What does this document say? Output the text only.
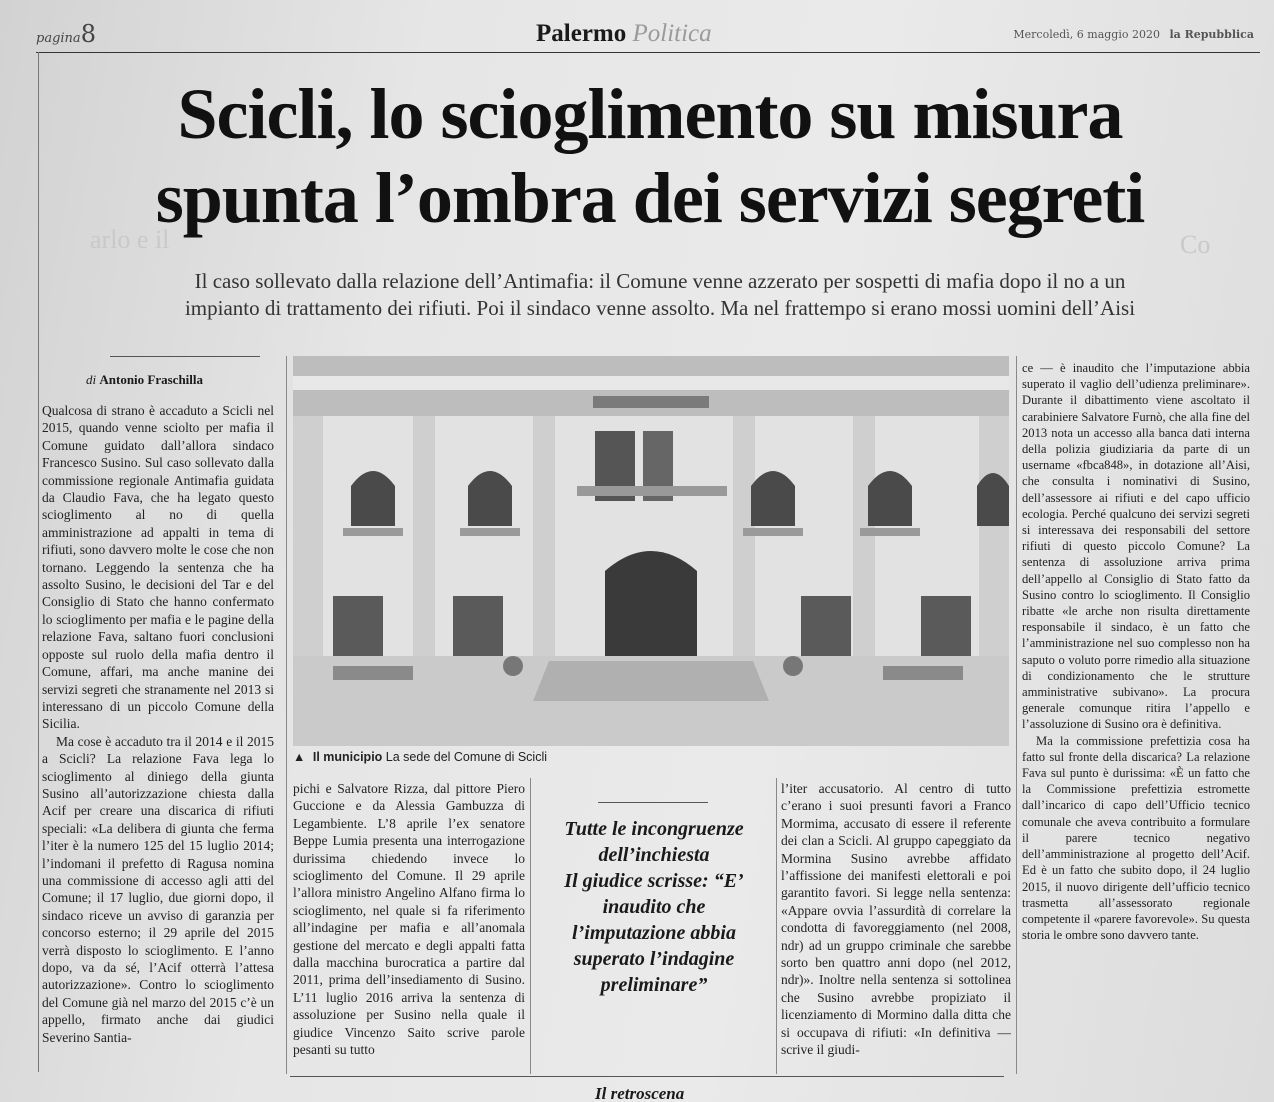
pagina8	Palermo Politica	Mercoledì, 6 maggio 2020 la Repubblica
Co
arlo e il
Scicli, lo scioglimento su misura
spunta l’ombra dei servizi segreti

Il caso sollevato dalla relazione dell’Antimafia: il Comune venne azzerato per sospetti di mafia dopo il no a un
impianto di trattamento dei rifiuti. Poi il sindaco venne assolto. Ma nel frattempo si erano mossi uomini dell’Aisi

di Antonio Fraschilla

Qualcosa di strano è accaduto a Scicli nel 2015, quando venne sciolto per mafia il Comune guidato dall’allora sindaco Francesco Susino. Sul caso sollevato dalla commissione regionale Antimafia guidata da Claudio Fava, che ha legato questo scioglimento al no di quella amministrazione ad appalti in tema di rifiuti, sono davvero molte le cose che non tornano. Leggendo la sentenza che ha assolto Susino, le decisioni del Tar e del Consiglio di Stato che hanno confermato lo scioglimento per mafia e le pagine della relazione Fava, saltano fuori conclusioni opposte sul ruolo della mafia dentro il Comune, affari, ma anche manine dei servizi segreti che stranamente nel 2013 si interessano di un piccolo Comune della Sicilia.

Ma cose è accaduto tra il 2014 e il 2015 a Scicli? La relazione Fava lega lo scioglimento al diniego della giunta Susino all’autorizzazione chiesta dalla Acif per creare una discarica di rifiuti speciali: «La delibera di giunta che ferma l’iter è la numero 125 del 15 luglio 2014; l’indomani il prefetto di Ragusa nomina una commissione di accesso agli atti del Comune; il 17 luglio, due giorni dopo, il sindaco riceve un avviso di garanzia per concorso esterno; il 29 aprile del 2015 verrà disposto lo scioglimento. E l’anno dopo, va da sé, l’Acif otterrà l’attesa autorizzazione». Contro lo scioglimento del Comune già nel marzo del 2015 c’è un appello, firmato anche dai giudici Severino Santia-

▲ Il municipio La sede del Comune di Scicli

pichi e Salvatore Rizza, dal pittore Piero Guccione e da Alessia Gambuzza di Legambiente. L’8 aprile l’ex senatore Beppe Lumia presenta una interrogazione durissima chiedendo invece lo scioglimento del Comune. Il 29 aprile l’allora ministro Angelino Alfano firma lo scioglimento, nel quale si fa riferimento all’indagine per mafia e all’anomala gestione del mercato e degli appalti fatta dalla macchina burocratica a partire dal 2011, prima dell’insediamento di Susino. L’11 luglio 2016 arriva la sentenza di assoluzione per Susino nella quale il giudice Vincenzo Saito scrive parole pesanti su tutto

Tutte le incongruenze
dell’inchiesta
Il giudice scrisse: “E’
inaudito che
l’imputazione abbia
superato l’indagine
preliminare”

l’iter accusatorio. Al centro di tutto c’erano i suoi presunti favori a Franco Mormima, accusato di essere il referente dei clan a Scicli. Al gruppo capeggiato da Mormina Susino avrebbe affidato l’affissione dei manifesti elettorali e poi garantito favori. Si legge nella sentenza: «Appare ovvia l’assurdità di correlare la condotta di favoreggiamento (nel 2008, ndr) ad un gruppo criminale che sarebbe sorto ben quattro anni dopo (nel 2012, ndr)». Inoltre nella sentenza si sottolinea che Susino avrebbe propiziato il licenziamento di Mormino dalla ditta che si occupava di rifiuti: «In definitiva — scrive il giudi-

ce — è inaudito che l’imputazione abbia superato il vaglio dell’udienza preliminare». Durante il dibattimento viene ascoltato il carabiniere Salvatore Furnò, che alla fine del 2013 nota un accesso alla banca dati interna della polizia giudiziaria da parte di un username «fbca848», in dotazione all’Aisi, che consulta i nominativi di Susino, dell’assessore ai rifiuti e del capo ufficio ecologia. Perché qualcuno dei servizi segreti si interessava dei responsabili del settore rifiuti di questo piccolo Comune? La sentenza di assoluzione arriva prima dell’appello al Consiglio di Stato fatto da Susino contro lo scioglimento. Il Consiglio ribatte «le arche non risulta direttamente responsabile il sindaco, è un fatto che l’amministrazione nel suo complesso non ha saputo o voluto porre rimedio alla situazione di condizionamento che le strutture amministrative subivano». La procura generale comunque ritira l’appello e l’assoluzione di Susino ora è definitiva.

Ma la commissione prefettizia cosa ha fatto sul fronte della discarica? La relazione Fava sul punto è durissima: «È un fatto che la Commissione prefettizia estromette dall’incarico di capo dell’Ufficio tecnico comunale che aveva contribuito a formulare il parere tecnico negativo dell’amministrazione al progetto dell’Acif. Ed è un fatto che subito dopo, il 24 luglio 2015, il nuovo dirigente dell’ufficio tecnico trasmetta all’assessorato regionale competente il «parere favorevole». Su questa storia le ombre sono davvero tante.

Il retroscena
